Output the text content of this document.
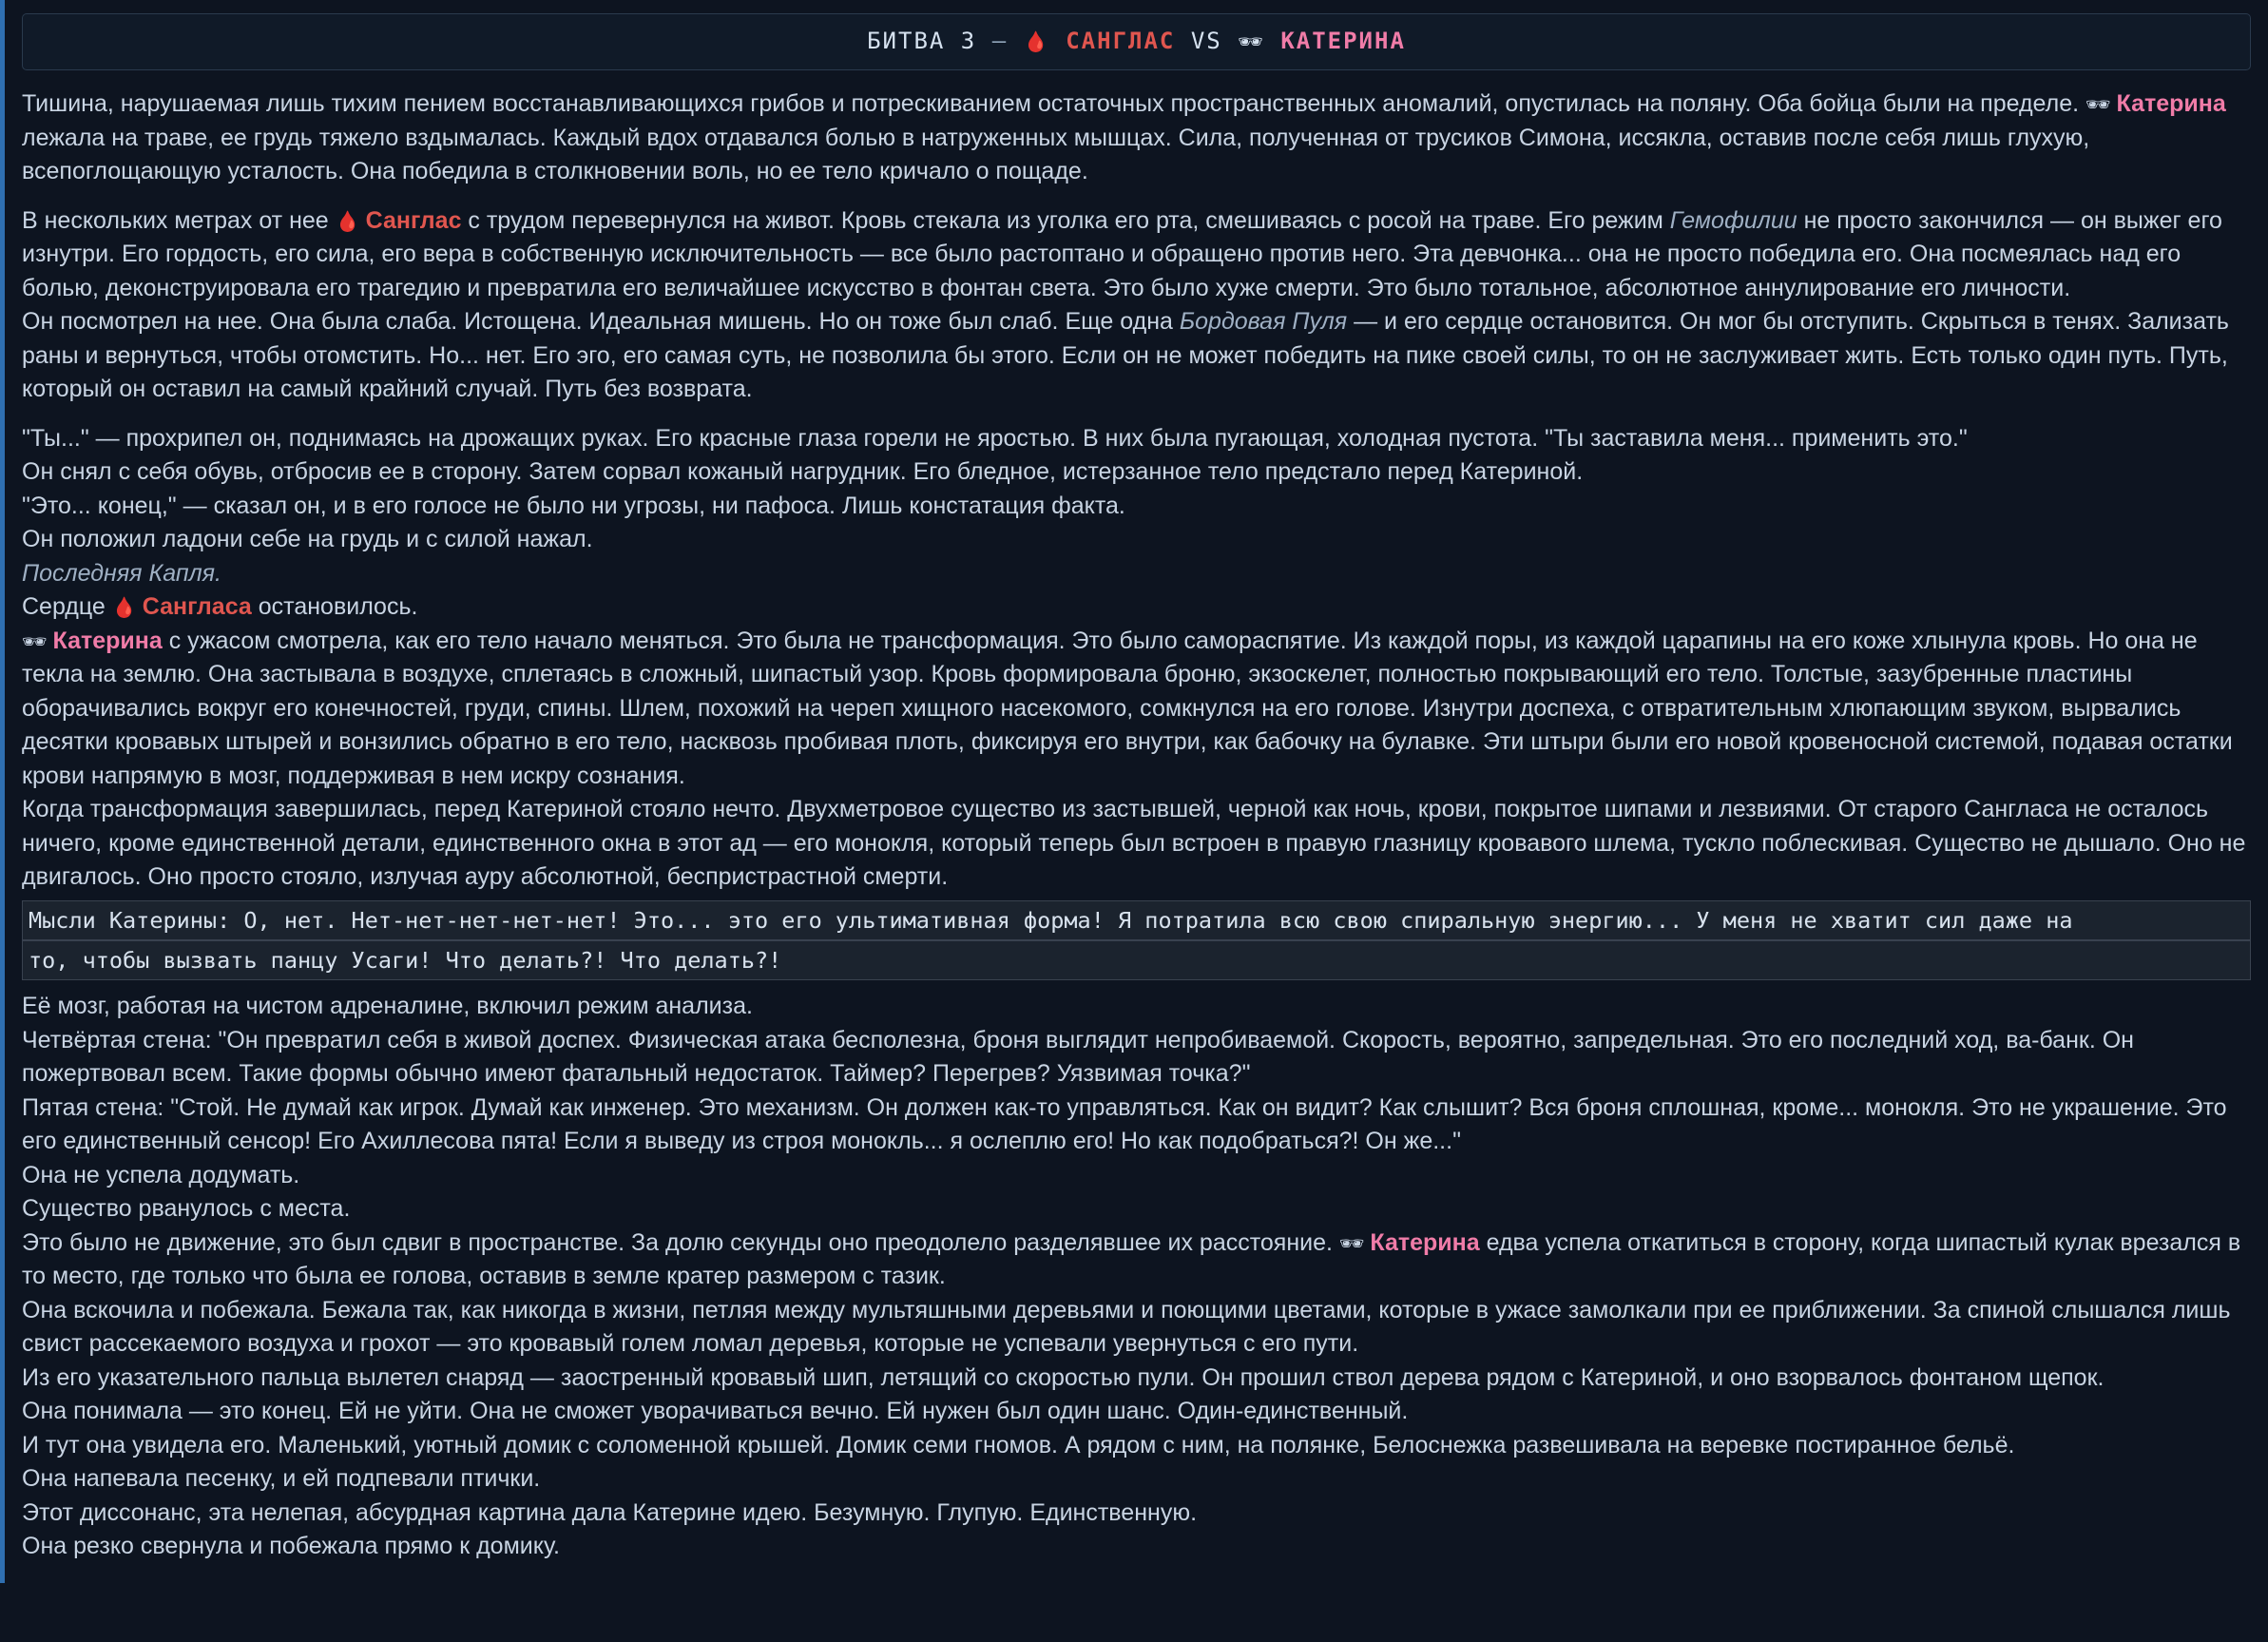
БИТВА 3 — 🩸 САНГЛАС VS 🕶 КАТЕРИНА

Тишина, нарушаемая лишь тихим пением восстанавливающихся грибов и потрескиванием остаточных пространственных аномалий, опустилась на поляну. Оба бойца были на пределе. 🕶 Катерина лежала на траве, ее грудь тяжело вздымалась. Каждый вдох отдавался болью в натруженных мышцах. Сила, полученная от трусиков Симона, иссякла, оставив после себя лишь глухую, всепоглощающую усталость. Она победила в столкновении воль, но ее тело кричало о пощаде.

В нескольких метрах от нее 🩸 Санглас с трудом перевернулся на живот. Кровь стекала из уголка его рта, смешиваясь с росой на траве. Его режим Гемофилии не просто закончился — он выжег его изнутри. Его гордость, его сила, его вера в собственную исключительность — все было растоптано и обращено против него. Эта девчонка... она не просто победила его. Она посмеялась над его болью, деконструировала его трагедию и превратила его величайшее искусство в фонтан света. Это было хуже смерти. Это было тотальное, абсолютное аннулирование его личности.

Он посмотрел на нее. Она была слаба. Истощена. Идеальная мишень. Но он тоже был слаб. Еще одна Бордовая Пуля — и его сердце остановится. Он мог бы отступить. Скрыться в тенях. Зализать раны и вернуться, чтобы отомстить. Но... нет. Его эго, его самая суть, не позволила бы этого. Если он не может победить на пике своей силы, то он не заслуживает жить. Есть только один путь. Путь, который он оставил на самый крайний случай. Путь без возврата.

"Ты..." — прохрипел он, поднимаясь на дрожащих руках. Его красные глаза горели не яростью. В них была пугающая, холодная пустота. "Ты заставила меня... применить это."

Он снял с себя обувь, отбросив ее в сторону. Затем сорвал кожаный нагрудник. Его бледное, истерзанное тело предстало перед Катериной.

"Это... конец," — сказал он, и в его голосе не было ни угрозы, ни пафоса. Лишь констатация факта.

Он положил ладони себе на грудь и с силой нажал.

Последняя Капля.

Сердце 🩸 Сангласа остановилось.

🕶 Катерина с ужасом смотрела, как его тело начало меняться. Это была не трансформация. Это было самораспятие. Из каждой поры, из каждой царапины на его коже хлынула кровь. Но она не текла на землю. Она застывала в воздухе, сплетаясь в сложный, шипастый узор. Кровь формировала броню, экзоскелет, полностью покрывающий его тело. Толстые, зазубренные пластины оборачивались вокруг его конечностей, груди, спины. Шлем, похожий на череп хищного насекомого, сомкнулся на его голове. Изнутри доспеха, с отвратительным хлюпающим звуком, вырвались десятки кровавых штырей и вонзились обратно в его тело, насквозь пробивая плоть, фиксируя его внутри, как бабочку на булавке. Эти штыри были его новой кровеносной системой, подавая остатки крови напрямую в мозг, поддерживая в нем искру сознания.

Когда трансформация завершилась, перед Катериной стояло нечто. Двухметровое существо из застывшей, черной как ночь, крови, покрытое шипами и лезвиями. От старого Сангласа не осталось ничего, кроме единственной детали, единственного окна в этот ад — его монокля, который теперь был встроен в правую глазницу кровавого шлема, тускло поблескивая. Существо не дышало. Оно не двигалось. Оно просто стояло, излучая ауру абсолютной, беспристрастной смерти.

Мысли Катерины: О, нет. Нет-нет-нет-нет-нет! Это... это его ультимативная форма! Я потратила всю свою спиральную энергию... У меня не хватит сил даже на
то, чтобы вызвать панцу Усаги! Что делать?! Что делать?!

Её мозг, работая на чистом адреналине, включил режим анализа.

Четвёртая стена: "Он превратил себя в живой доспех. Физическая атака бесполезна, броня выглядит непробиваемой. Скорость, вероятно, запредельная. Это его последний ход, ва-банк. Он пожертвовал всем. Такие формы обычно имеют фатальный недостаток. Таймер? Перегрев? Уязвимая точка?"

Пятая стена: "Стой. Не думай как игрок. Думай как инженер. Это механизм. Он должен как-то управляться. Как он видит? Как слышит? Вся броня сплошная, кроме... монокля. Это не украшение. Это его единственный сенсор! Его Ахиллесова пята! Если я выведу из строя монокль... я ослеплю его! Но как подобраться?! Он же..."

Она не успела додумать.

Существо рванулось с места.

Это было не движение, это был сдвиг в пространстве. За долю секунды оно преодолело разделявшее их расстояние. 🕶 Катерина едва успела откатиться в сторону, когда шипастый кулак врезался в то место, где только что была ее голова, оставив в земле кратер размером с тазик.

Она вскочила и побежала. Бежала так, как никогда в жизни, петляя между мультяшными деревьями и поющими цветами, которые в ужасе замолкали при ее приближении. За спиной слышался лишь свист рассекаемого воздуха и грохот — это кровавый голем ломал деревья, которые не успевали увернуться с его пути.

Из его указательного пальца вылетел снаряд — заостренный кровавый шип, летящий со скоростью пули. Он прошил ствол дерева рядом с Катериной, и оно взорвалось фонтаном щепок.

Она понимала — это конец. Ей не уйти. Она не сможет уворачиваться вечно. Ей нужен был один шанс. Один-единственный.

И тут она увидела его. Маленький, уютный домик с соломенной крышей. Домик семи гномов. А рядом с ним, на полянке, Белоснежка развешивала на веревке постиранное бельё.

Она напевала песенку, и ей подпевали птички.

Этот диссонанс, эта нелепая, абсурдная картина дала Катерине идею. Безумную. Глупую. Единственную.

Она резко свернула и побежала прямо к домику.
